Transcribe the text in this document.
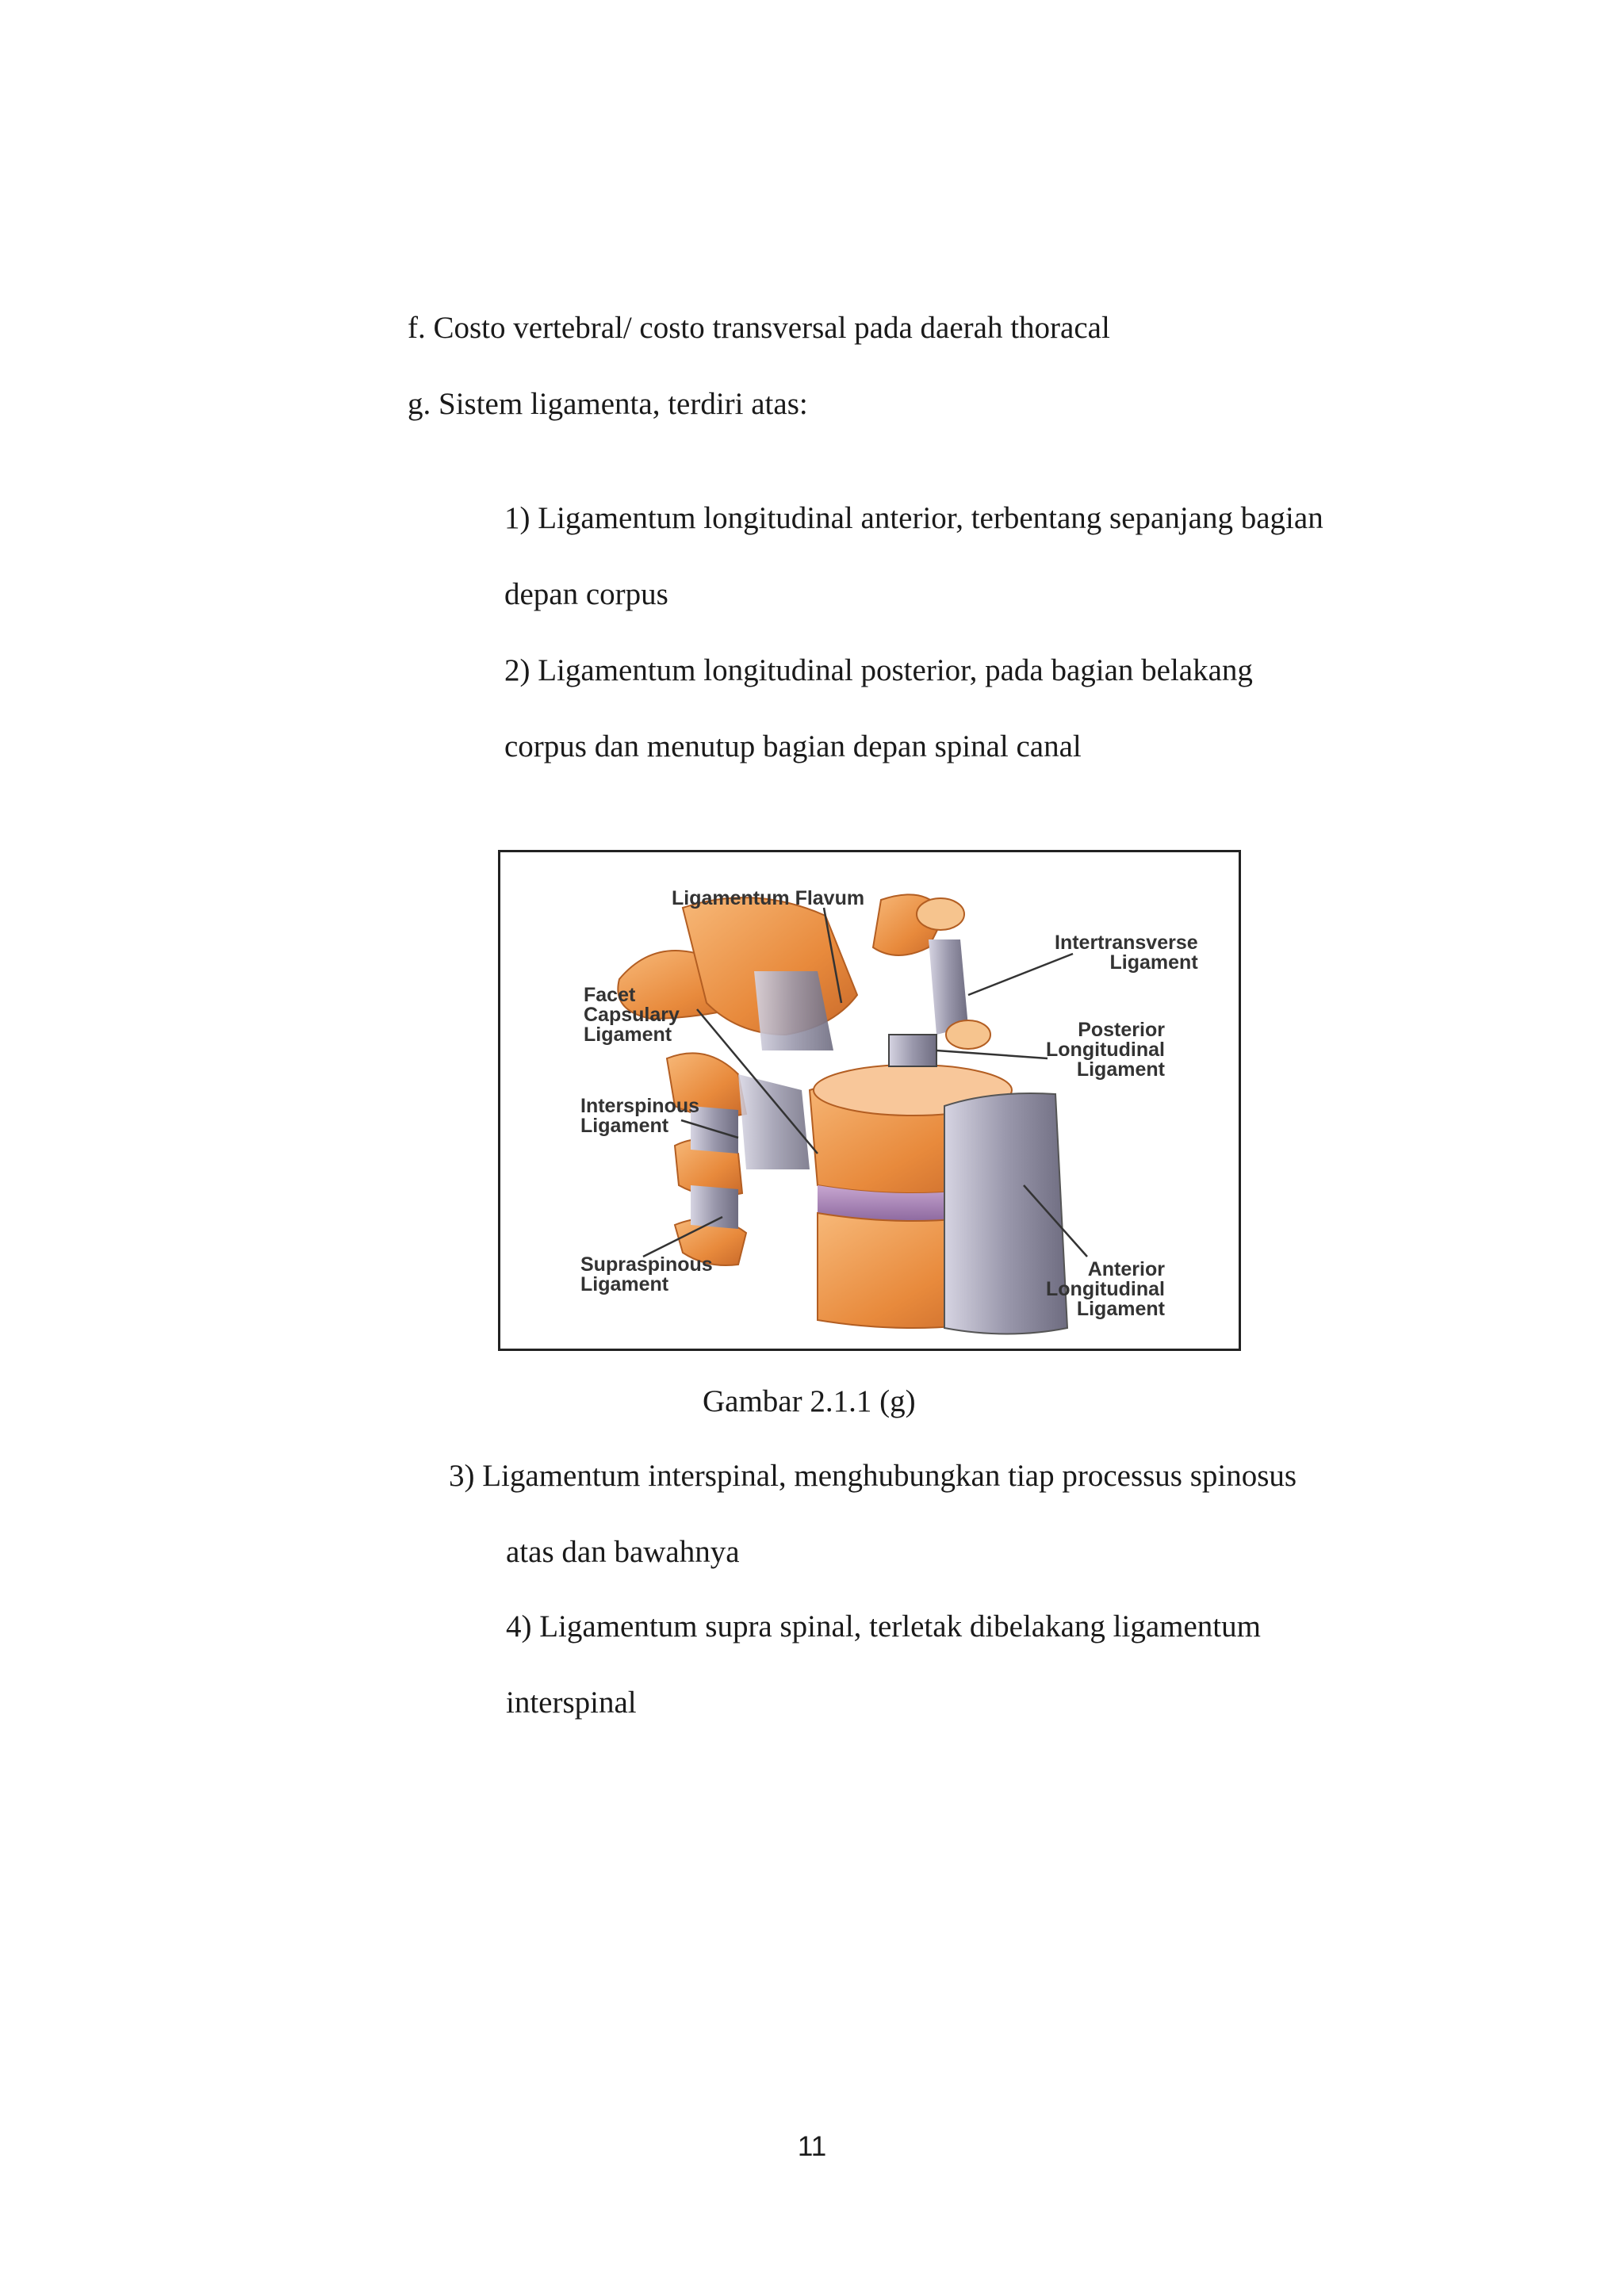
f. Costo vertebral/ costo transversal pada daerah thoracal
g. Sistem ligamenta, terdiri atas:
1) Ligamentum longitudinal anterior, terbentang sepanjang bagian
depan corpus
2) Ligamentum longitudinal posterior, pada bagian belakang
corpus dan menutup bagian depan spinal canal
Ligamentum Flavum
Intertransverse
Ligament
Facet
Capsulary
Ligament	Posterior
Longitudinal
Ligament
Interspinous
Ligament
Supraspinous
Ligament
Anterior
Longitudinal
Ligament
Gambar 2.1.1 (g)
3) Ligamentum interspinal, menghubungkan tiap processus spinosus
atas dan bawahnya
4) Ligamentum supra spinal, terletak dibelakang ligamentum
interspinal
11
